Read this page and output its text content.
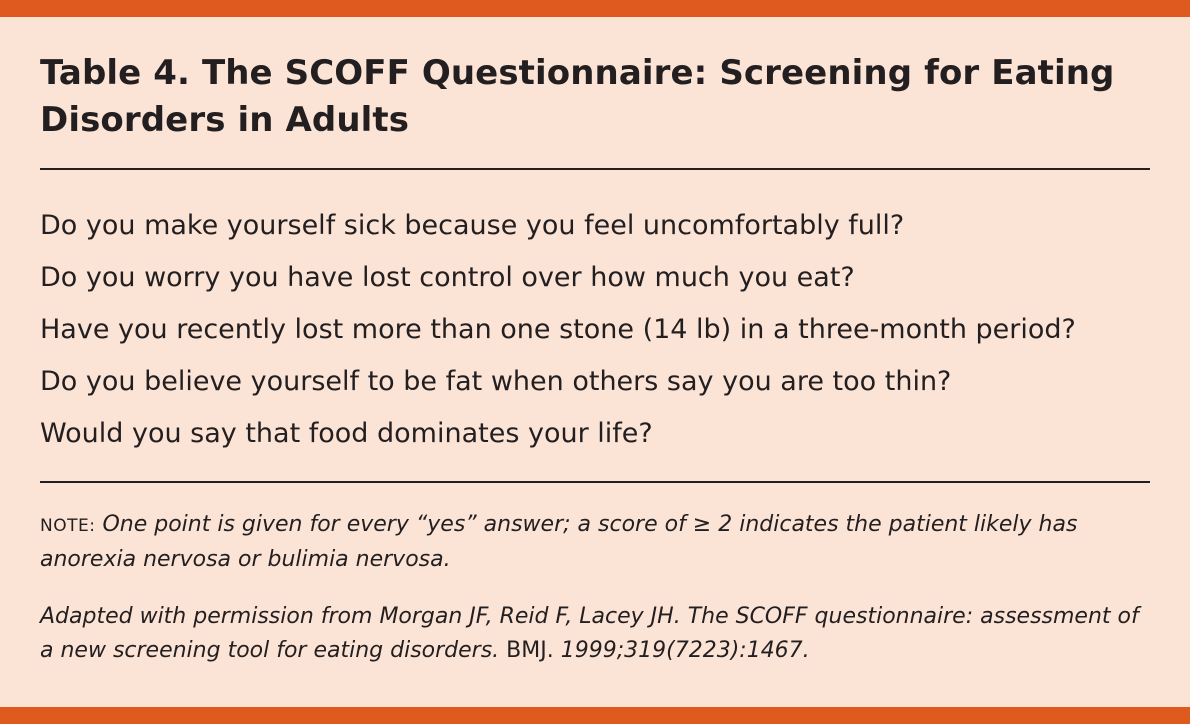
Table 4. The SCOFF Questionnaire: Screening for Eating Disorders in Adults
Do you make yourself sick because you feel uncomfortably full?
Do you worry you have lost control over how much you eat?
Have you recently lost more than one stone (14 lb) in a three-month period?
Do you believe yourself to be fat when others say you are too thin?
Would you say that food dominates your life?

NOTE: One point is given for every “yes” answer; a score of ≥ 2 indicates the patient likely has anorexia nervosa or bulimia nervosa.

Adapted with permission from Morgan JF, Reid F, Lacey JH. The SCOFF questionnaire: assessment of a new screening tool for eating disorders. BMJ. 1999;319(7223):1467.
